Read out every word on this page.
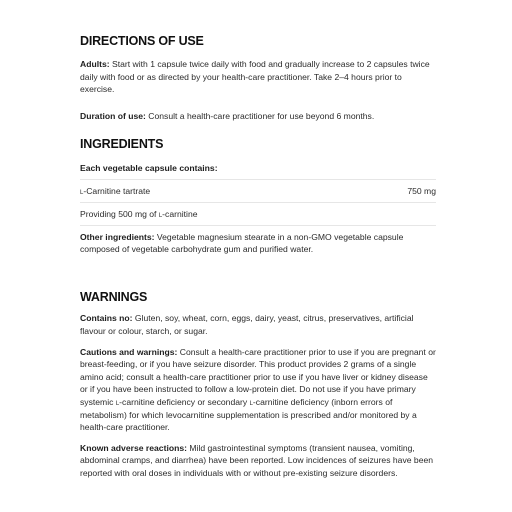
DIRECTIONS OF USE

Adults: Start with 1 capsule twice daily with food and gradually increase to 2 capsules twice daily with food or as directed by your health-care practitioner. Take 2–4 hours prior to exercise.

Duration of use: Consult a health-care practitioner for use beyond 6 months.

INGREDIENTS
Each vegetable capsule contains:
l-Carnitine tartrate	750 mg
Providing 500 mg of l-carnitine
Other ingredients: Vegetable magnesium stearate in a non-GMO vegetable capsule composed of vegetable carbohydrate gum and purified water.
WARNINGS

Contains no: Gluten, soy, wheat, corn, eggs, dairy, yeast, citrus, preservatives, artificial flavour or colour, starch, or sugar.

Cautions and warnings: Consult a health-care practitioner prior to use if you are pregnant or breast-feeding, or if you have seizure disorder. This product provides 2 grams of a single amino acid; consult a health-care practitioner prior to use if you have liver or kidney disease or if you have been instructed to follow a low-protein diet. Do not use if you have primary systemic l-carnitine deficiency or secondary l-carnitine deficiency (inborn errors of metabolism) for which levocarnitine supplementation is prescribed and/or monitored by a health-care practitioner.

Known adverse reactions: Mild gastrointestinal symptoms (transient nausea, vomiting, abdominal cramps, and diarrhea) have been reported. Low incidences of seizures have been reported with oral doses in individuals with or without pre-existing seizure disorders.
